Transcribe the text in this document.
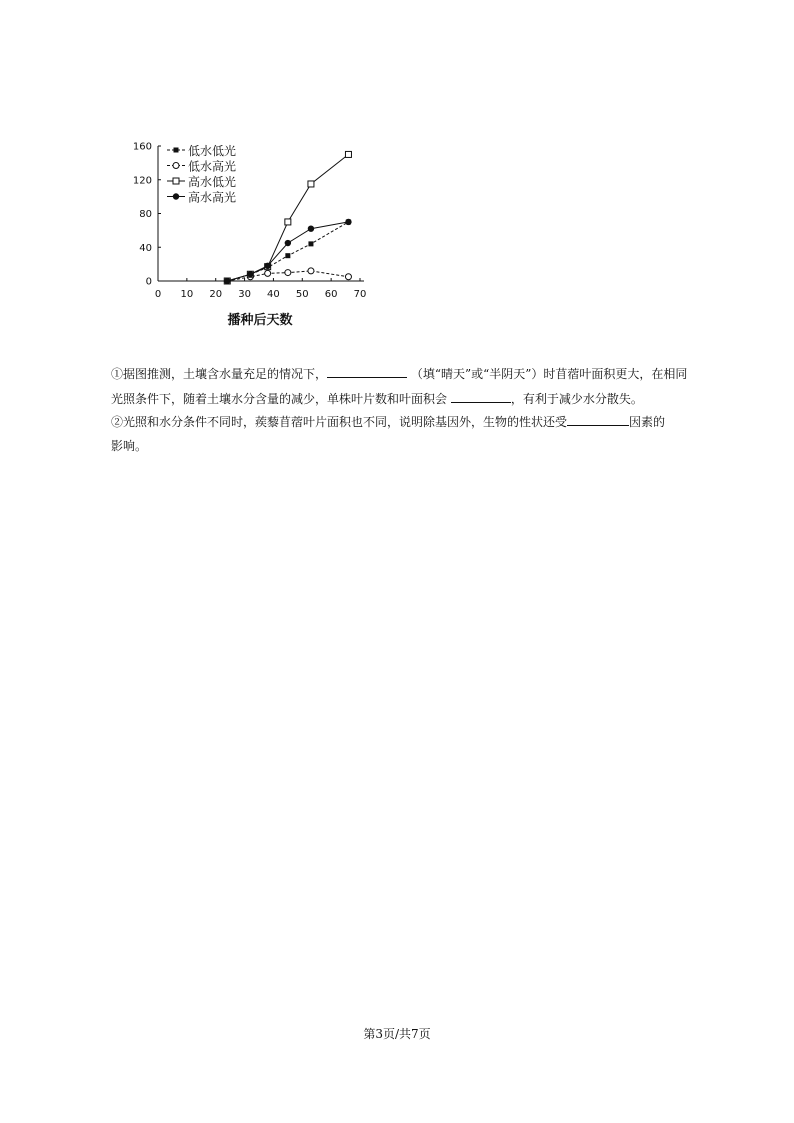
0 10 20 30 40 50 60 70
0
40
80
120
160	低水低光
低水高光
高水低光
高水高光
播种后天数
①据图推测，土壤含水量充足的情况下，	（填“晴天”或“半阴天”）时苜蓿叶面积更大，在相同
光照条件下，随着土壤水分含量的减少，单株叶片数和叶面积会	，有利于减少水分散失。
②光照和水分条件不同时，蒺藜苜蓿叶片面积也不同，说明除基因外，生物的性状还受	因素的
影响。
第3页/共7页
